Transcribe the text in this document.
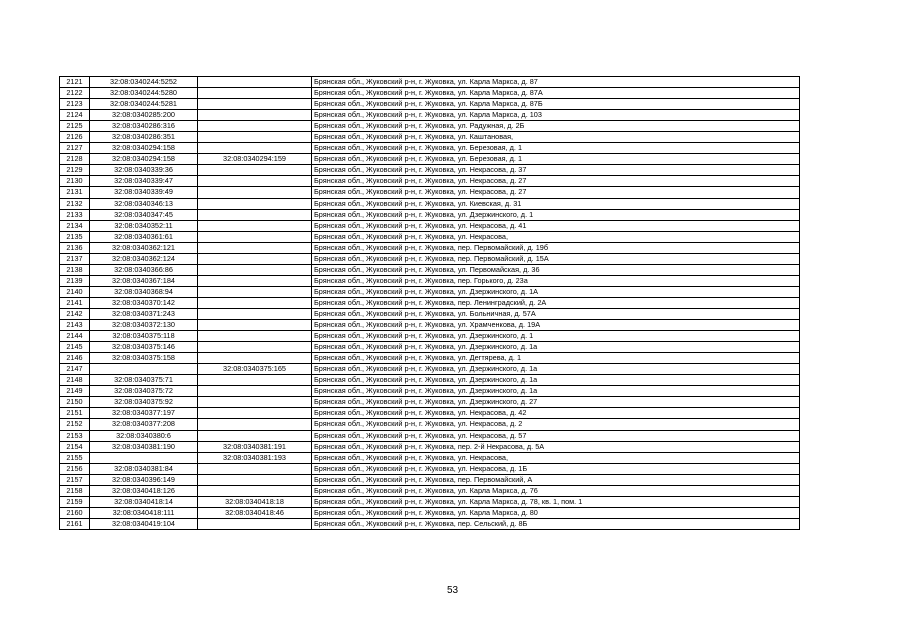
2121	32:08:0340244:5252		Брянская обл., Жуковский р-н, г. Жуковка, ул. Карла Маркса, д. 87
2122	32:08:0340244:5280		Брянская обл., Жуковский р-н, г. Жуковка, ул. Карла Маркса, д. 87А
2123	32:08:0340244:5281		Брянская обл., Жуковский р-н, г. Жуковка, ул. Карла Маркса, д. 87Б
2124	32:08:0340285:200		Брянская обл., Жуковский р-н, г. Жуковка, ул. Карла Маркса, д. 103
2125	32:08:0340286:316		Брянская обл., Жуковский р-н, г. Жуковка, ул. Радужная, д. 2Б
2126	32:08:0340286:351		Брянская обл., Жуковский р-н, г. Жуковка, ул. Каштановая,
2127	32:08:0340294:158		Брянская обл., Жуковский р-н, г. Жуковка, ул. Березовая, д. 1
2128	32:08:0340294:158	32:08:0340294:159	Брянская обл., Жуковский р-н, г. Жуковка, ул. Березовая, д. 1
2129	32:08:0340339:36		Брянская обл., Жуковский р-н, г. Жуковка, ул. Некрасова, д. 37
2130	32:08:0340339:47		Брянская обл., Жуковский р-н, г. Жуковка, ул. Некрасова, д. 27
2131	32:08:0340339:49		Брянская обл., Жуковский р-н, г. Жуковка, ул. Некрасова, д. 27
2132	32:08:0340346:13		Брянская обл., Жуковский р-н, г. Жуковка, ул. Киевская, д. 31
2133	32:08:0340347:45		Брянская обл., Жуковский р-н, г. Жуковка, ул. Дзержинского, д. 1
2134	32:08:0340352:11		Брянская обл., Жуковский р-н, г. Жуковка, ул. Некрасова, д. 41
2135	32:08:0340361:61		Брянская обл., Жуковский р-н, г. Жуковка, ул. Некрасова,
2136	32:08:0340362:121		Брянская обл., Жуковский р-н, г. Жуковка, пер. Первомайский, д. 19б
2137	32:08:0340362:124		Брянская обл., Жуковский р-н, г. Жуковка, пер. Первомайский, д. 15А
2138	32:08:0340366:86		Брянская обл., Жуковский р-н, г. Жуковка, ул. Первомайская, д. 36
2139	32:08:0340367:184		Брянская обл., Жуковский р-н, г. Жуковка, пер. Горького, д. 23а
2140	32:08:0340368:94		Брянская обл., Жуковский р-н, г. Жуковка, ул. Дзержинского, д. 1А
2141	32:08:0340370:142		Брянская обл., Жуковский р-н, г. Жуковка, пер. Ленинградский, д. 2А
2142	32:08:0340371:243		Брянская обл., Жуковский р-н, г. Жуковка, ул. Больничная, д. 57А
2143	32:08:0340372:130		Брянская обл., Жуковский р-н, г. Жуковка, ул. Храмченкова, д. 19А
2144	32:08:0340375:118		Брянская обл., Жуковский р-н, г. Жуковка, ул. Дзержинского, д. 1
2145	32:08:0340375:146		Брянская обл., Жуковский р-н, г. Жуковка, ул. Дзержинского, д. 1а
2146	32:08:0340375:158		Брянская обл., Жуковский р-н, г. Жуковка, ул. Дегтярева, д. 1
2147		32:08:0340375:165	Брянская обл., Жуковский р-н, г. Жуковка, ул. Дзержинского, д. 1а
2148	32:08:0340375:71		Брянская обл., Жуковский р-н, г. Жуковка, ул. Дзержинского, д. 1а
2149	32:08:0340375:72		Брянская обл., Жуковский р-н, г. Жуковка, ул. Дзержинского, д. 1а
2150	32:08:0340375:92		Брянская обл., Жуковский р-н, г. Жуковка, ул. Дзержинского, д. 27
2151	32:08:0340377:197		Брянская обл., Жуковский р-н, г. Жуковка, ул. Некрасова, д. 42
2152	32:08:0340377:208		Брянская обл., Жуковский р-н, г. Жуковка, ул. Некрасова, д. 2
2153	32:08:0340380:6		Брянская обл., Жуковский р-н, г. Жуковка, ул. Некрасова, д. 57
2154	32:08:0340381:190	32:08:0340381:191	Брянская обл., Жуковский р-н, г. Жуковка, пер. 2-й Некрасова, д. 5А
2155		32:08:0340381:193	Брянская обл., Жуковский р-н, г. Жуковка, ул. Некрасова,
2156	32:08:0340381:84		Брянская обл., Жуковский р-н, г. Жуковка, ул. Некрасова, д. 1Б
2157	32:08:0340396:149		Брянская обл., Жуковский р-н, г. Жуковка, пер. Первомайский, А
2158	32:08:0340418:126		Брянская обл., Жуковский р-н, г. Жуковка, ул. Карла Маркса, д. 76
2159	32:08:0340418:14	32:08:0340418:18	Брянская обл., Жуковский р-н, г. Жуковка, ул. Карла Маркса, д. 78, кв. 1, пом. 1
2160	32:08:0340418:111	32:08:0340418:46	Брянская обл., Жуковский р-н, г. Жуковка, ул. Карла Маркса, д. 80
2161	32:08:0340419:104		Брянская обл., Жуковский р-н, г. Жуковка, пер. Сельский, д. 8Б
53
